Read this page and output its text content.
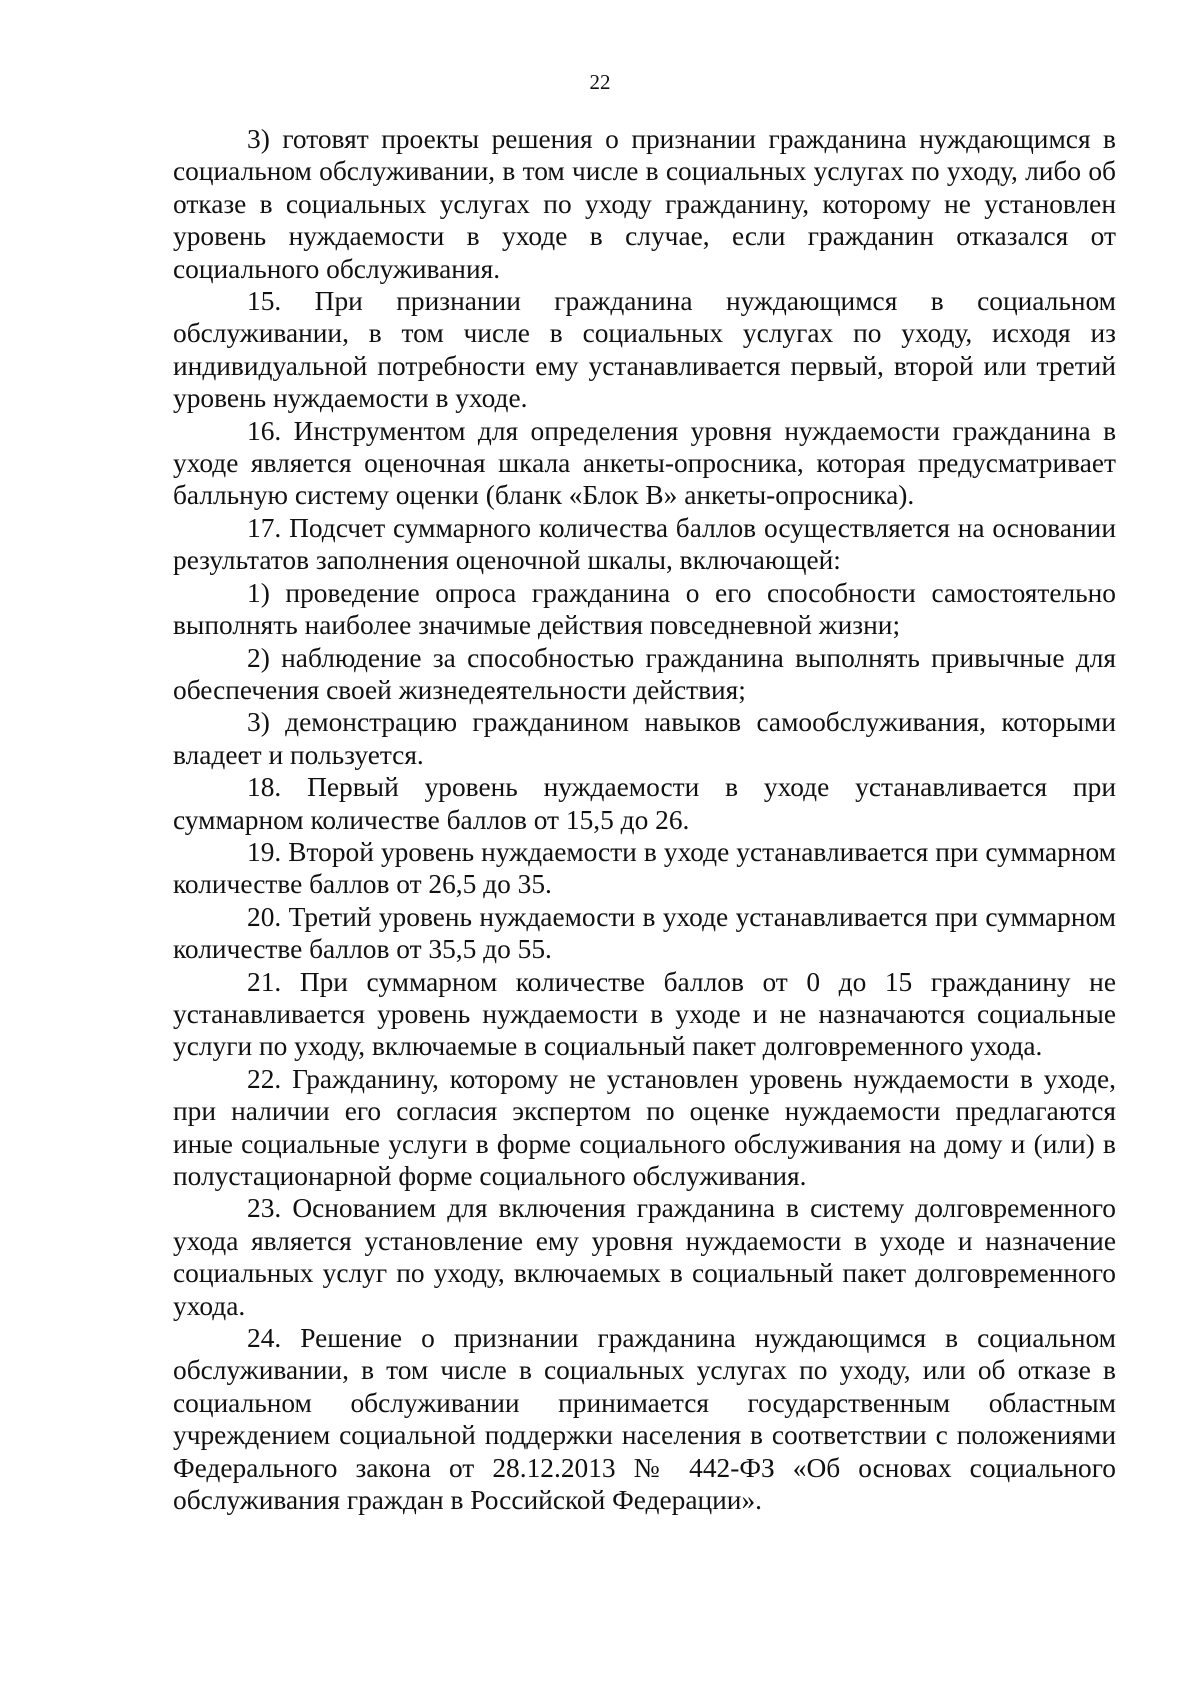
22

3) готовят проекты решения о признании гражданина нуждающимся в социальном обслуживании, в том числе в социальных услугах по уходу, либо об отказе в социальных услугах по уходу гражданину, которому не установлен уровень нуждаемости в уходе в случае, если гражданин отказался от социального обслуживания.

15. При признании гражданина нуждающимся в социальном обслуживании, в том числе в социальных услугах по уходу, исходя из индивидуальной потребности ему устанавливается первый, второй или третий уровень нуждаемости в уходе.

16. Инструментом для определения уровня нуждаемости гражданина в уходе является оценочная шкала анкеты-опросника, которая предусматривает балльную систему оценки (бланк «Блок В» анкеты-опросника).

17. Подсчет суммарного количества баллов осуществляется на основании результатов заполнения оценочной шкалы, включающей:

1) проведение опроса гражданина о его способности самостоятельно выполнять наиболее значимые действия повседневной жизни;

2) наблюдение за способностью гражданина выполнять привычные для обеспечения своей жизнедеятельности действия;

3) демонстрацию гражданином навыков самообслуживания, которыми владеет и пользуется.

18. Первый уровень нуждаемости в уходе устанавливается при суммарном количестве баллов от 15,5 до 26.

19. Второй уровень нуждаемости в уходе устанавливается при суммарном количестве баллов от 26,5 до 35.

20. Третий уровень нуждаемости в уходе устанавливается при суммарном количестве баллов от 35,5 до 55.

21. При суммарном количестве баллов от 0 до 15 гражданину не устанавливается уровень нуждаемости в уходе и не назначаются социальные услуги по уходу, включаемые в социальный пакет долговременного ухода.

22. Гражданину, которому не установлен уровень нуждаемости в уходе, при наличии его согласия экспертом по оценке нуждаемости предлагаются иные социальные услуги в форме социального обслуживания на дому и (или) в полустационарной форме социального обслуживания.

23. Основанием для включения гражданина в систему долговременного ухода является установление ему уровня нуждаемости в уходе и назначение социальных услуг по уходу, включаемых в социальный пакет долговременного ухода.

24. Решение о признании гражданина нуждающимся в социальном обслуживании, в том числе в социальных услугах по уходу, или об отказе в социальном обслуживании принимается государственным областным учреждением социальной поддержки населения в соответствии с положениями Федерального закона от 28.12.2013 № 442-ФЗ «Об основах социального обслуживания граждан в Российской Федерации».
